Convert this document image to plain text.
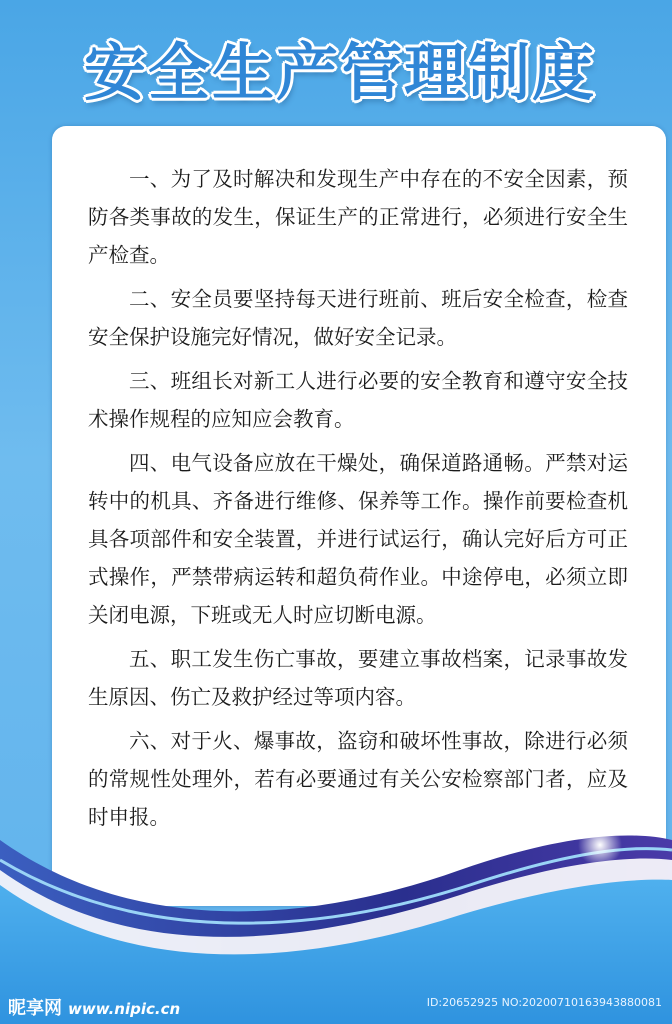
安全生产管理制度

一、为了及时解决和发现生产中存在的不安全因素，预防各类事故的发生，保证生产的正常进行，必须进行安全生产检查。

二、安全员要坚持每天进行班前、班后安全检查，检查安全保护设施完好情况，做好安全记录。

三、班组长对新工人进行必要的安全教育和遵守安全技术操作规程的应知应会教育。

四、电气设备应放在干燥处，确保道路通畅。严禁对运转中的机具、齐备进行维修、保养等工作。操作前要检查机具各项部件和安全装置，并进行试运行，确认完好后方可正式操作，严禁带病运转和超负荷作业。中途停电，必须立即关闭电源，下班或无人时应切断电源。

五、职工发生伤亡事故，要建立事故档案，记录事故发生原因、伤亡及救护经过等项内容。

六、对于火、爆事故，盗窃和破坏性事故，除进行必须的常规性处理外，若有必要通过有关公安检察部门者，应及时申报。

昵享网 www.nipic.cn	ID:20652925 NO:20200710163943880081
